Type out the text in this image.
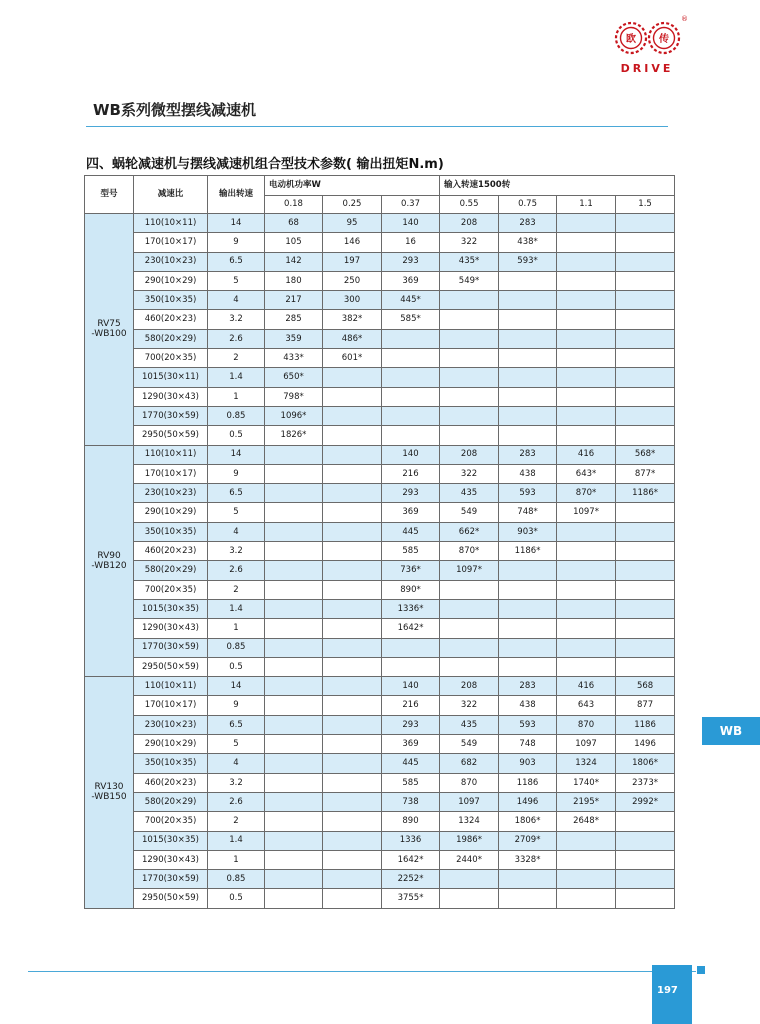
欧 传
®
DRIVE
WB系列微型摆线减速机
四、蜗轮减速机与摆线减速机组合型技术参数( 输出扭矩N.m)
型号	减速比	输出转速	电动机功率W			输入转速1500转			
			0.18	0.25	0.37	0.55	0.75	1.1	1.5

RV75
-WB100	110(10×11)	14	68	95	140	208	283		
	170(10×17)	9	105	146	16	322	438*		
	230(10×23)	6.5	142	197	293	435*	593*		
	290(10×29)	5	180	250	369	549*			
	350(10×35)	4	217	300	445*				
	460(20×23)	3.2	285	382*	585*				
	580(20×29)	2.6	359	486*					
	700(20×35)	2	433*	601*					
	1015(30×11)	1.4	650*						
	1290(30×43)	1	798*						
	1770(30×59)	0.85	1096*						
	2950(50×59)	0.5	1826*						

RV90
-WB120	110(10×11)	14			140	208	283	416	568*
	170(10×17)	9			216	322	438	643*	877*
	230(10×23)	6.5			293	435	593	870*	1186*
	290(10×29)	5			369	549	748*	1097*	
	350(10×35)	4			445	662*	903*		
	460(20×23)	3.2			585	870*	1186*		
	580(20×29)	2.6			736*	1097*			
	700(20×35)	2			890*				
	1015(30×35)	1.4			1336*				
	1290(30×43)	1			1642*				
	1770(30×59)	0.85							
	2950(50×59)	0.5							

RV130
-WB150	110(10×11)	14			140	208	283	416	568
	170(10×17)	9			216	322	438	643	877
	230(10×23)	6.5			293	435	593	870	1186
	290(10×29)	5			369	549	748	1097	1496
	350(10×35)	4			445	682	903	1324	1806*
	460(20×23)	3.2			585	870	1186	1740*	2373*
	580(20×29)	2.6			738	1097	1496	2195*	2992*
	700(20×35)	2			890	1324	1806*	2648*	
	1015(30×35)	1.4			1336	1986*	2709*		
	1290(30×43)	1			1642*	2440*	3328*		
	1770(30×59)	0.85			2252*				
	2950(50×59)	0.5			3755*				
WB
197
